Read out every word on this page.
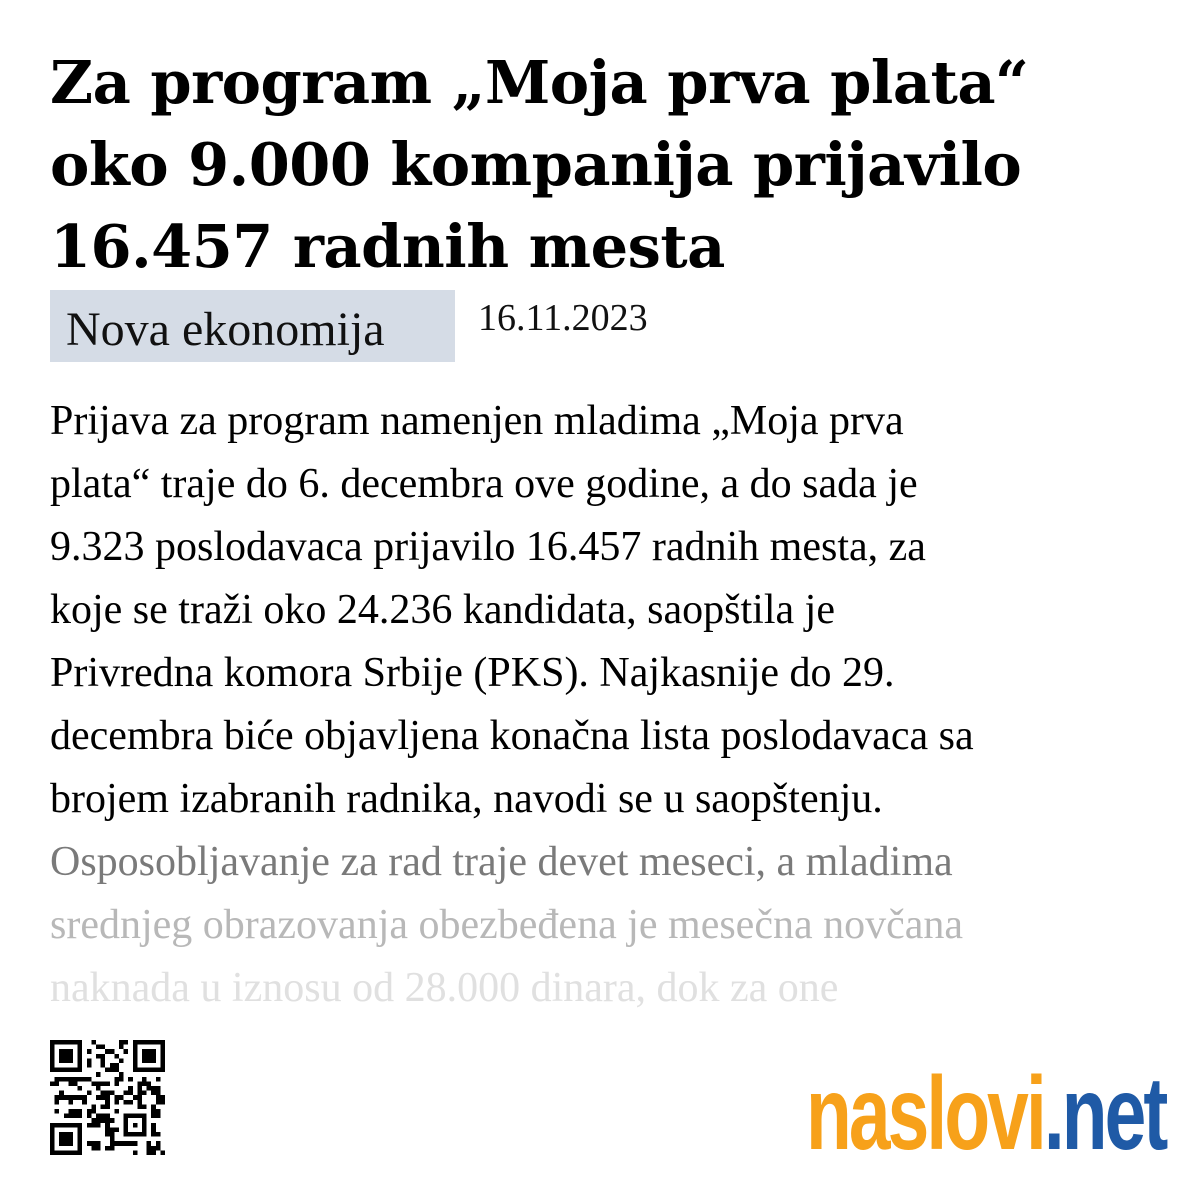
Za program „Moja prva plata“
oko 9.000 kompanija prijavilo
16.457 radnih mesta
Nova ekonomija	16.11.2023
Prijava za program namenjen mladima „Moja prva
plata“ traje do 6. decembra ove godine, a do sada je
9.323 poslodavaca prijavilo 16.457 radnih mesta, za
koje se traži oko 24.236 kandidata, saopštila je
Privredna komora Srbije (PKS). Najkasnije do 29.
decembra biće objavljena konačna lista poslodavaca sa
brojem izabranih radnika, navodi se u saopštenju.
Osposobljavanje za rad traje devet meseci, a mladima
srednjeg obrazovanja obezbeđena je mesečna novčana
naknada u iznosu od 28.000 dinara, dok za one
naslovi.net
